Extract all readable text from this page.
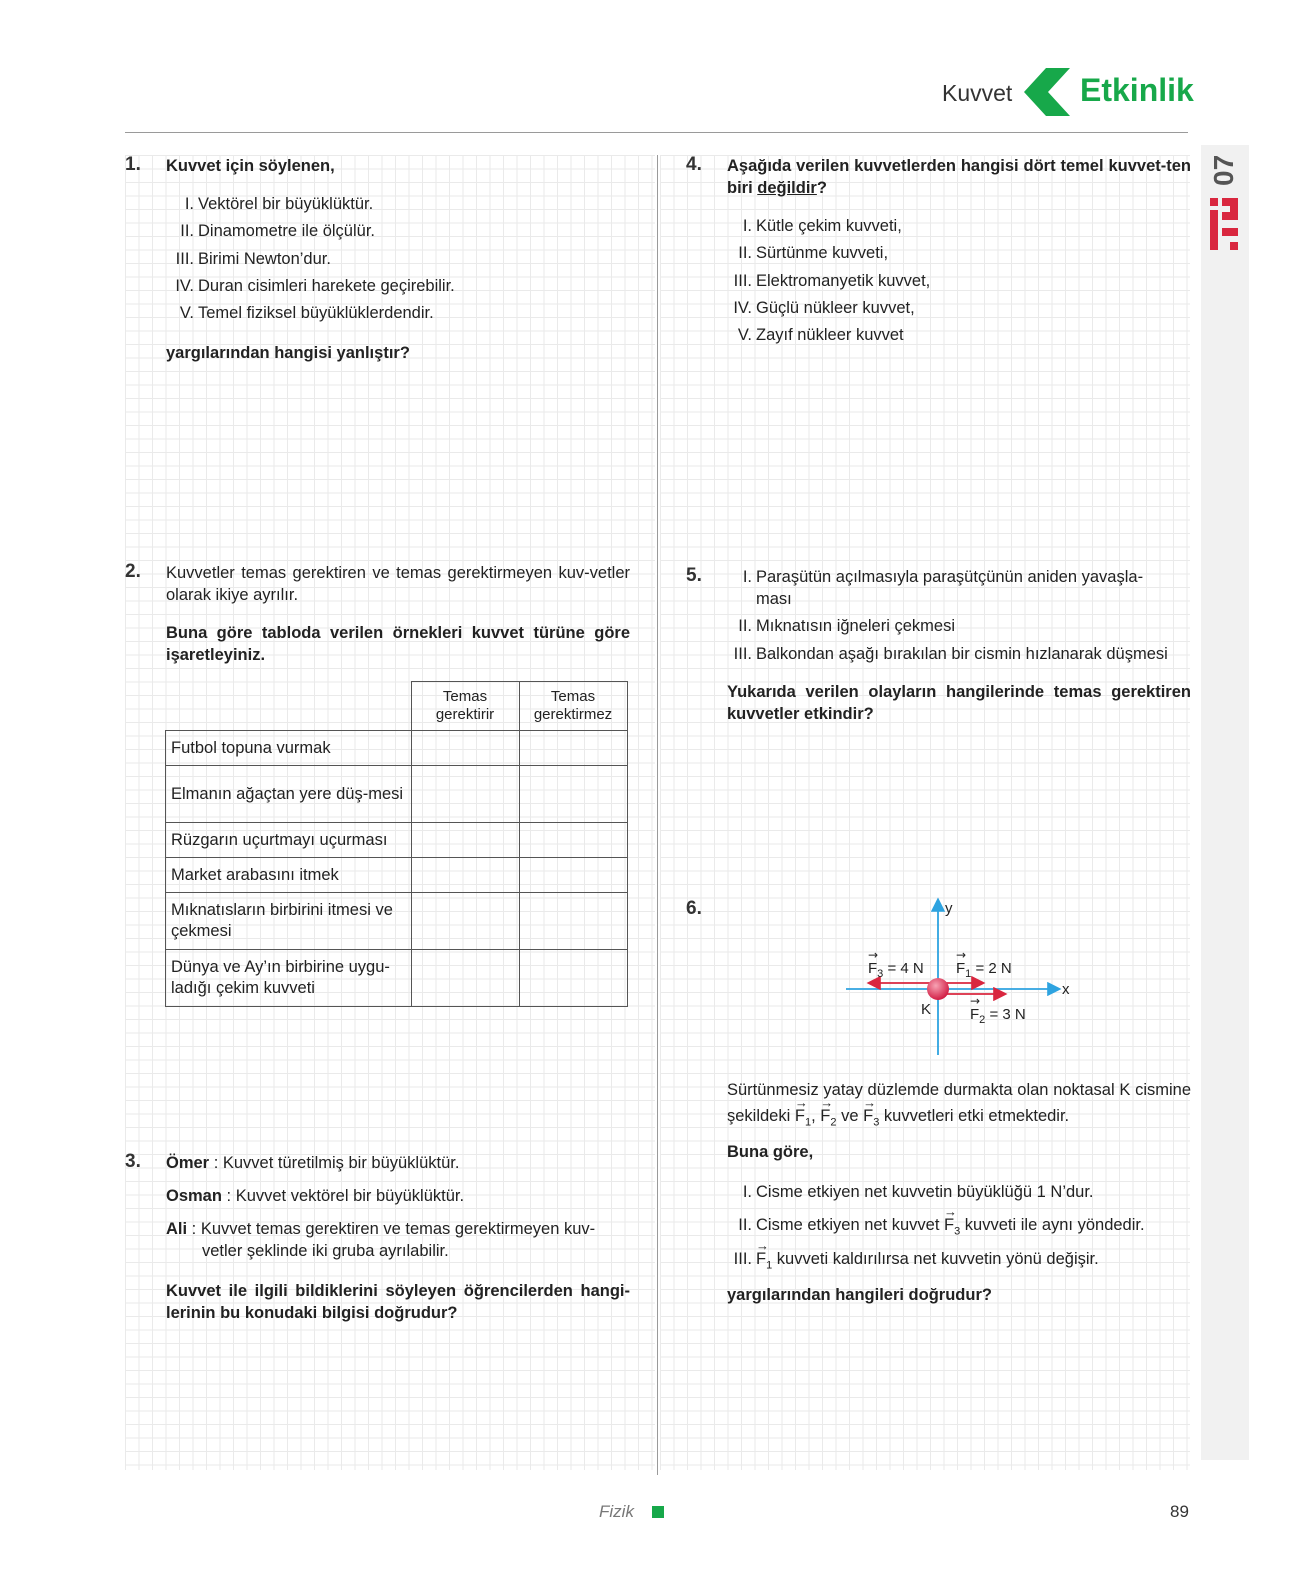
Kuvvet Etkinlik
07
1. Kuvvet için söylenen,
I. Vektörel bir büyüklüktür.
II. Dinamometre ile ölçülür.
III. Birimi Newton’dur.
IV. Duran cisimleri harekete geçirebilir.
V. Temel fiziksel büyüklüklerdendir.
yargılarından hangisi yanlıştır?
2. Kuvvetler temas gerektiren ve temas gerektirmeyen kuv-vetler olarak ikiye ayrılır.
Buna göre tabloda verilen örnekleri kuvvet türüne göre işaretleyiniz.
	Temas
gerektirir	Temas
gerektirmez
Futbol topuna vurmak		
Elmanın ağaçtan yere düş-mesi		
Rüzgarın uçurtmayı uçurması		
Market arabasını itmek		
Mıknatısların birbirini itmesi ve çekmesi		
Dünya ve Ay’ın birbirine uygu-ladığı çekim kuvveti		
3. Ömer : Kuvvet türetilmiş bir büyüklüktür.
Osman : Kuvvet vektörel bir büyüklüktür.
Ali : Kuvvet temas gerektiren ve temas gerektirmeyen kuv-
vetler şeklinde iki gruba ayrılabilir.
Kuvvet ile ilgili bildiklerini söyleyen öğrencilerden hangi-lerinin bu konudaki bilgisi doğrudur?
4. Aşağıda verilen kuvvetlerden hangisi dört temel kuvvet-ten biri değildir?
I. Kütle çekim kuvveti,
II. Sürtünme kuvveti,
III. Elektromanyetik kuvvet,
IV. Güçlü nükleer kuvvet,
V. Zayıf nükleer kuvvet
5.	I. Paraşütün açılmasıyla paraşütçünün aniden yavaşla-
ması
II. Mıknatısın iğneleri çekmesi
III. Balkondan aşağı bırakılan bir cismin hızlanarak düşmesi
Yukarıda verilen olayların hangilerinde temas gerektiren kuvvetler etkindir?
6.	y
x
K
$F_3 = 4$ N
→
$F_1 = 2$ N
→
$F_2 = 3$ N
→
Sürtünmesiz yatay düzlemde durmakta olan noktasal K cismine şekildeki → $F_1$, → $F_2$ ve → $F_3$ kuvvetleri etki etmektedir.
Buna göre,
I. Cisme etkiyen net kuvvetin büyüklüğü 1 N’dur.
II. Cisme etkiyen net kuvvet → $F_3$ kuvveti ile aynı yöndedir.
III. → $F_1$ kuvveti kaldırılırsa net kuvvetin yönü değişir.
yargılarından hangileri doğrudur?
Fizik	89
